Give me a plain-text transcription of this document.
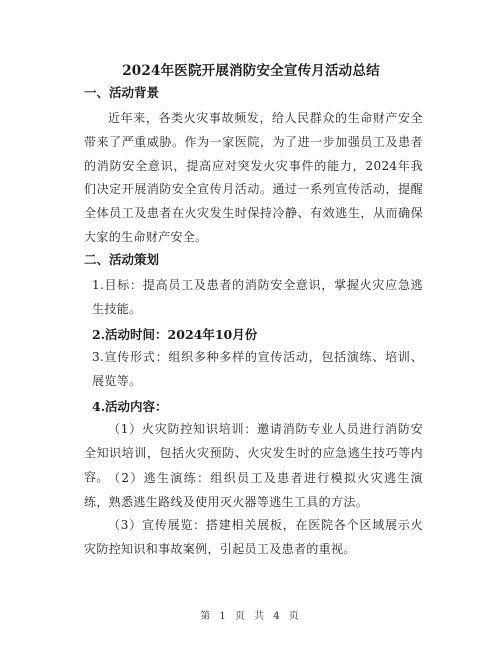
2024年医院开展消防安全宣传月活动总结
一、活动背景
近年来，各类火灾事故频发，给人民群众的生命财产安全带来了严重威胁。作为一家医院，为了进一步加强员工及患者的消防安全意识，提高应对突发火灾事件的能力，2024年我们决定开展消防安全宣传月活动。通过一系列宣传活动，提醒全体员工及患者在火灾发生时保持冷静、有效逃生，从而确保大家的生命财产安全。
二、活动策划
1.目标：提高员工及患者的消防安全意识，掌握火灾应急逃生技能。
2.活动时间：2024年10月份
3.宣传形式：组织多种多样的宣传活动，包括演练、培训、展览等。
4.活动内容：
（1）火灾防控知识培训：邀请消防专业人员进行消防安全知识培训，包括火灾预防、火灾发生时的应急逃生技巧等内容。 （2）逃生演练：组织员工及患者进行模拟火灾逃生演练，熟悉逃生路线及使用灭火器等逃生工具的方法。
（3）宣传展览：搭建相关展板，在医院各个区域展示火灾防控知识和事故案例，引起员工及患者的重视。
第 1 页 共 4 页
